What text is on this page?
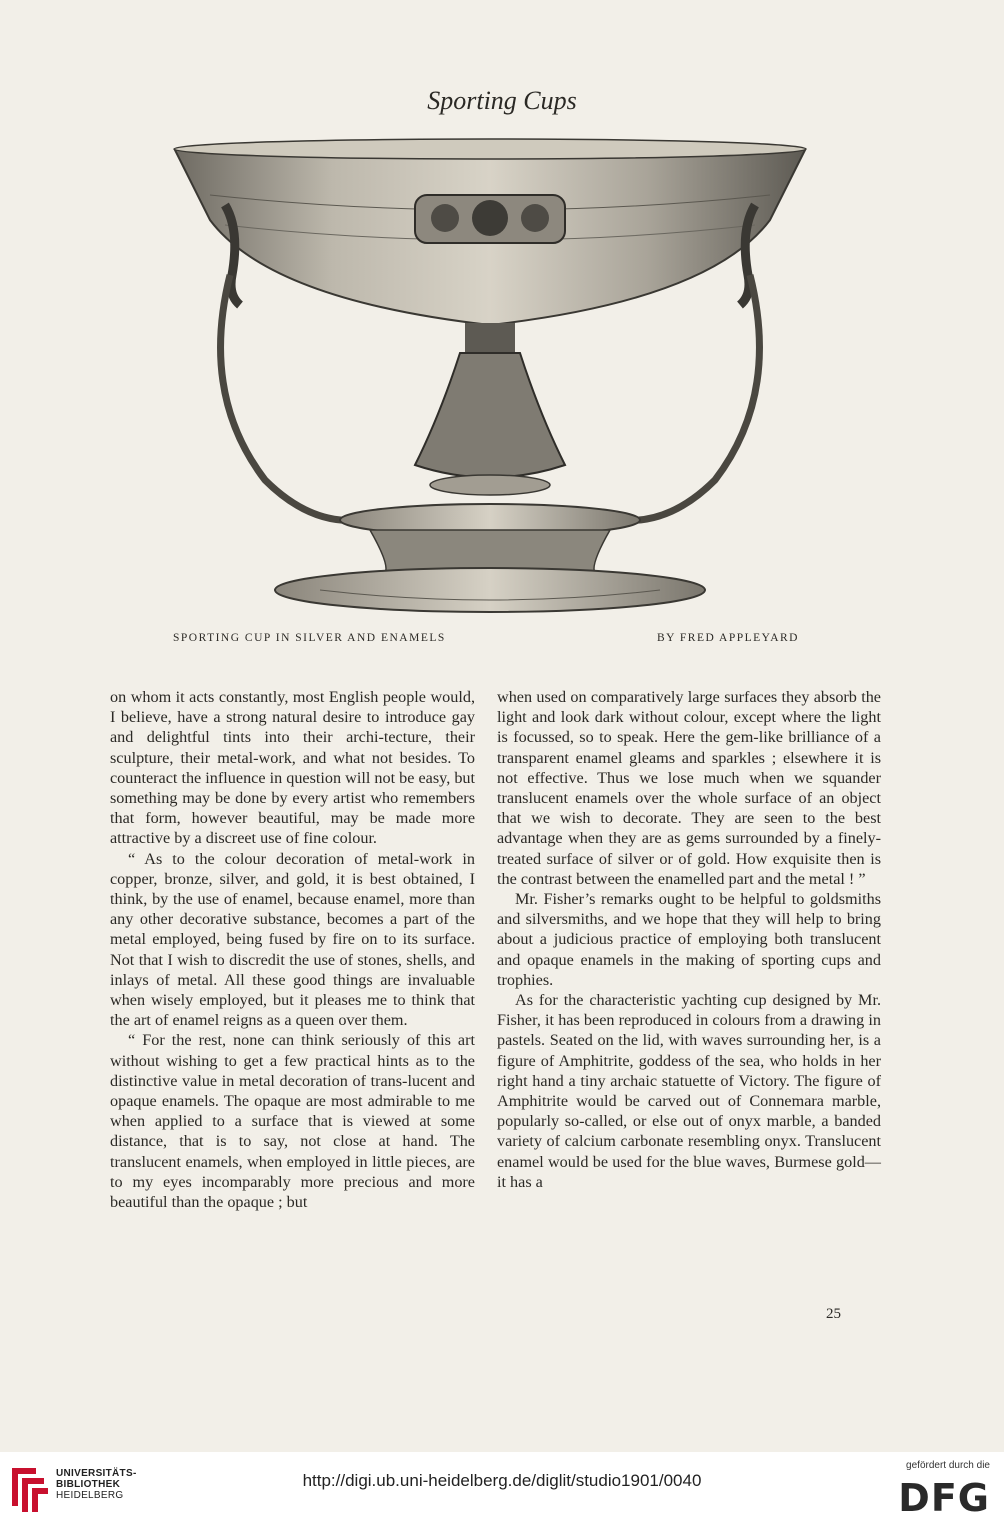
Sporting Cups
SPORTING CUP IN SILVER AND ENAMELS	BY FRED APPLEYARD

on whom it acts constantly, most English people would, I believe, have a strong natural desire to introduce gay and delightful tints into their archi-tecture, their sculpture, their metal-work, and what not besides. To counteract the influence in question will not be easy, but something may be done by every artist who remembers that form, however beautiful, may be made more attractive by a discreet use of fine colour.

“ As to the colour decoration of metal-work in copper, bronze, silver, and gold, it is best obtained, I think, by the use of enamel, because enamel, more than any other decorative substance, becomes a part of the metal employed, being fused by fire on to its surface. Not that I wish to discredit the use of stones, shells, and inlays of metal. All these good things are invaluable when wisely employed, but it pleases me to think that the art of enamel reigns as a queen over them.

“ For the rest, none can think seriously of this art without wishing to get a few practical hints as to the distinctive value in metal decoration of trans-lucent and opaque enamels. The opaque are most admirable to me when applied to a surface that is viewed at some distance, that is to say, not close at hand. The translucent enamels, when employed in little pieces, are to my eyes incomparably more precious and more beautiful than the opaque ; but

when used on comparatively large surfaces they absorb the light and look dark without colour, except where the light is focussed, so to speak. Here the gem-like brilliance of a transparent enamel gleams and sparkles ; elsewhere it is not effective. Thus we lose much when we squander translucent enamels over the whole surface of an object that we wish to decorate. They are seen to the best advantage when they are as gems surrounded by a finely-treated surface of silver or of gold. How exquisite then is the contrast between the enamelled part and the metal ! ”

Mr. Fisher’s remarks ought to be helpful to goldsmiths and silversmiths, and we hope that they will help to bring about a judicious practice of employing both translucent and opaque enamels in the making of sporting cups and trophies.

As for the characteristic yachting cup designed by Mr. Fisher, it has been reproduced in colours from a drawing in pastels. Seated on the lid, with waves surrounding her, is a figure of Amphitrite, goddess of the sea, who holds in her right hand a tiny archaic statuette of Victory. The figure of Amphitrite would be carved out of Connemara marble, popularly so-called, or else out of onyx marble, a banded variety of calcium carbonate resembling onyx. Translucent enamel would be used for the blue waves, Burmese gold—it has a

25
UNIVERSITÄTS-
BIBLIOTHEK
HEIDELBERG
http://digi.ub.uni-heidelberg.de/diglit/studio1901/0040
gefördert durch die
DFG
